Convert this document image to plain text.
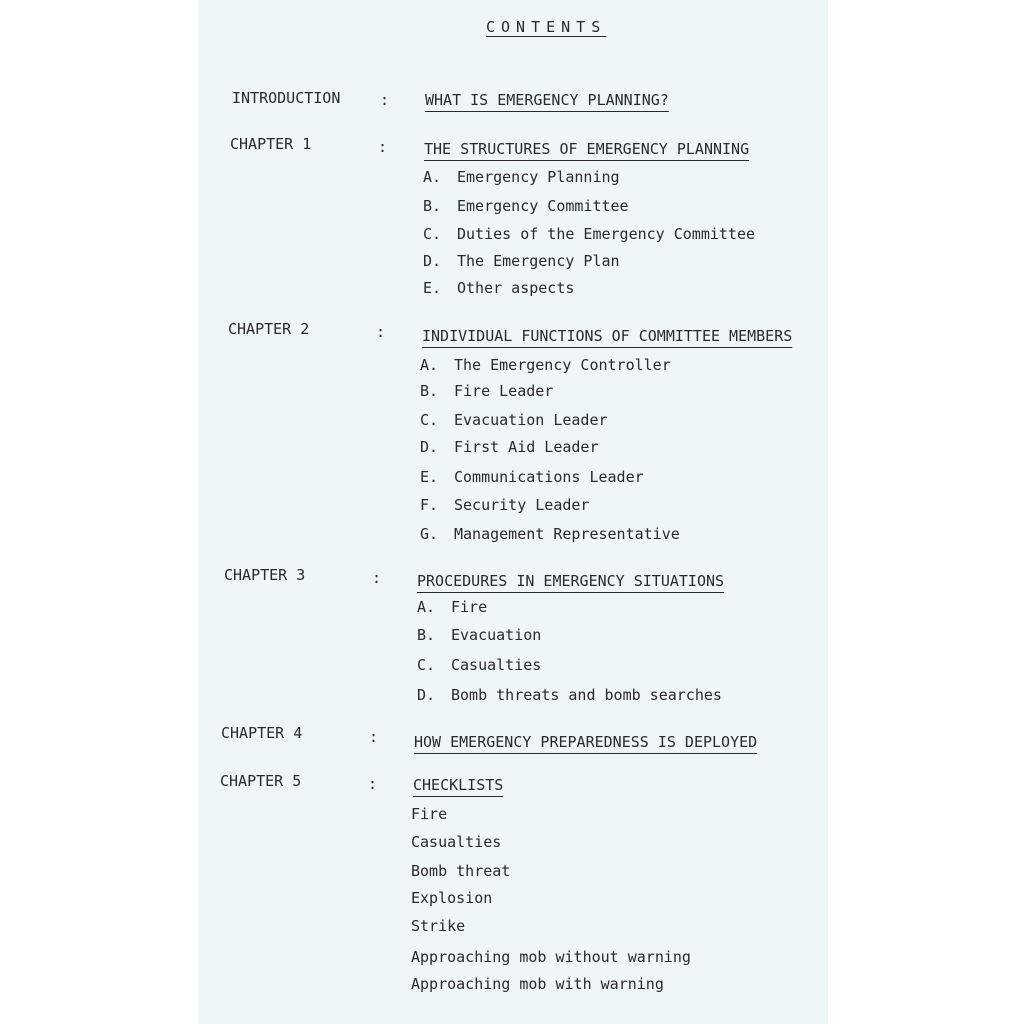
CONTENTS
INTRODUCTION	: WHAT IS EMERGENCY PLANNING?
CHAPTER 1	: THE STRUCTURES OF EMERGENCY PLANNING
A. Emergency Planning
B. Emergency Committee
C. Duties of the Emergency Committee
D. The Emergency Plan
E. Other aspects
CHAPTER 2	: INDIVIDUAL FUNCTIONS OF COMMITTEE MEMBERS
A. The Emergency Controller
B. Fire Leader
C. Evacuation Leader
D. First Aid Leader
E. Communications Leader
F. Security Leader
G. Management Representative
CHAPTER 3	: PROCEDURES IN EMERGENCY SITUATIONS
A. Fire
B. Evacuation
C. Casualties
D. Bomb threats and bomb searches
CHAPTER 4	: HOW EMERGENCY PREPAREDNESS IS DEPLOYED
CHAPTER 5	: CHECKLISTS
Fire
Casualties
Bomb threat
Explosion
Strike
Approaching mob without warning
Approaching mob with warning
